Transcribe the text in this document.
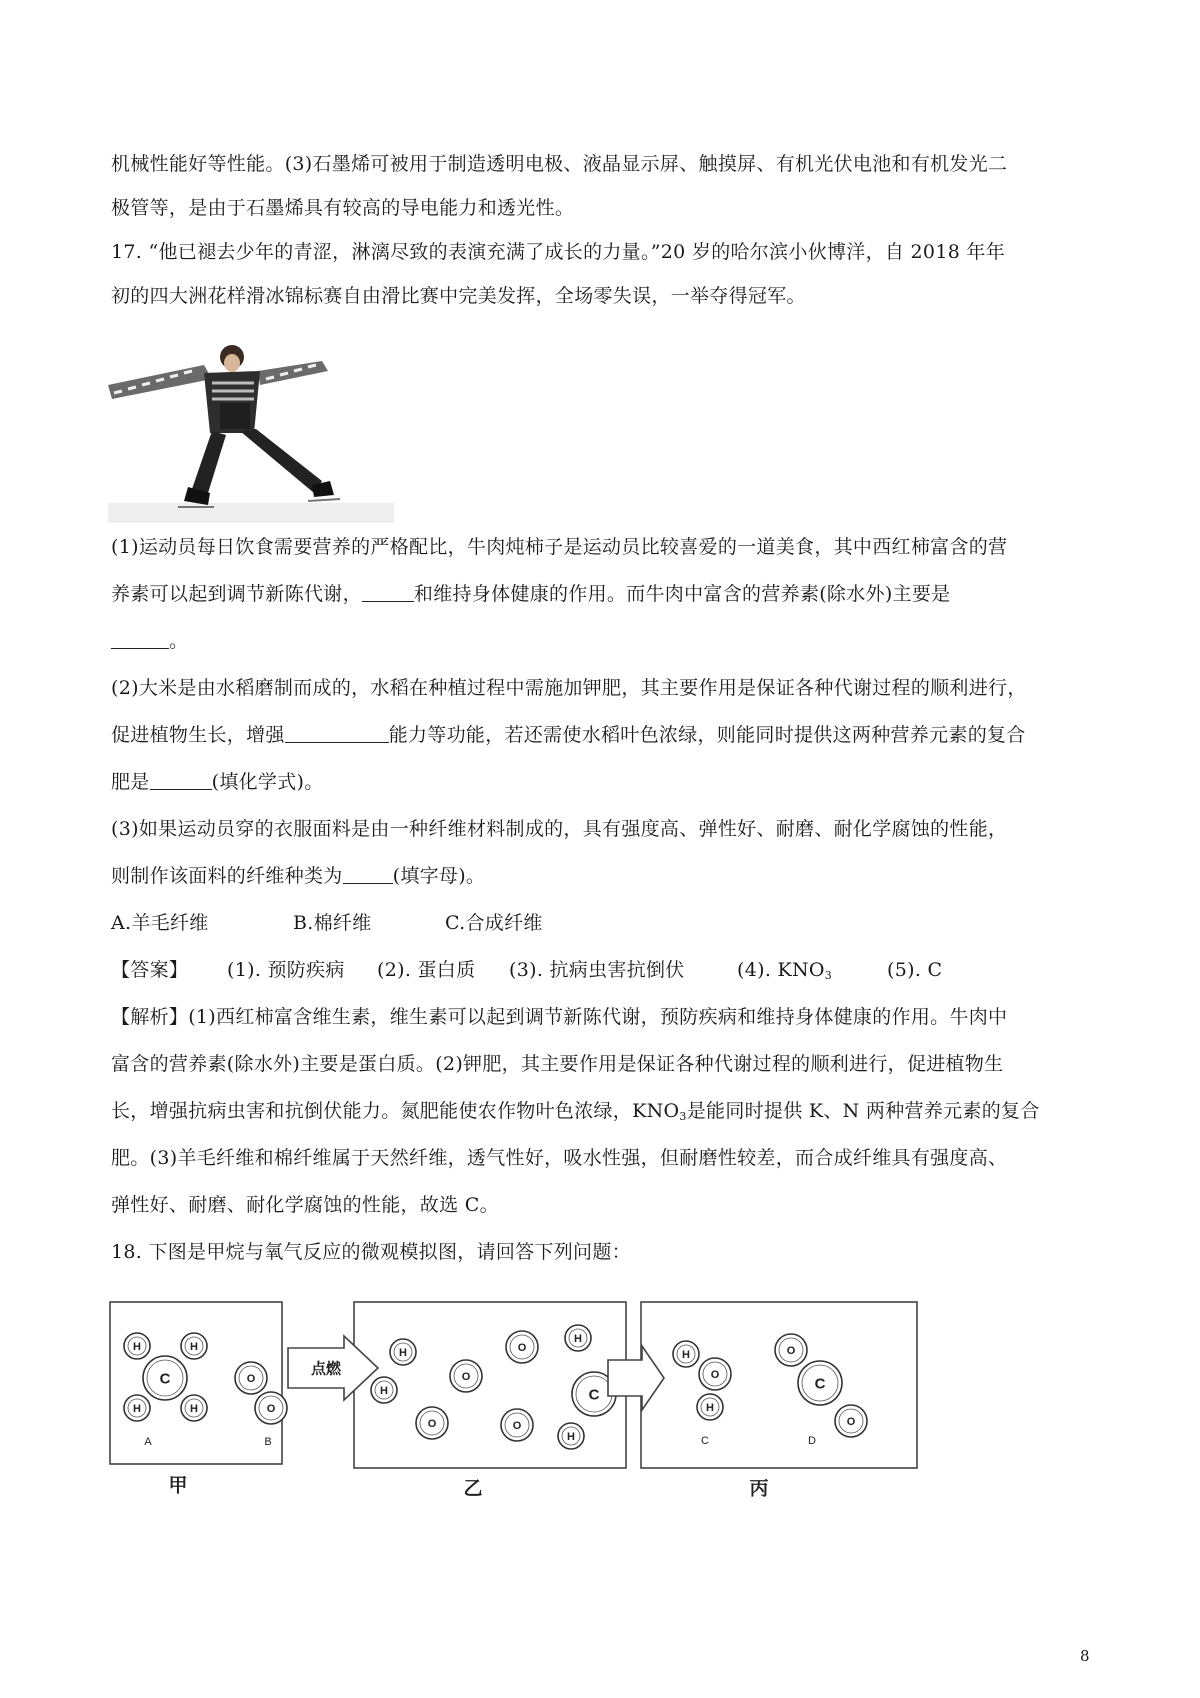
机械性能好等性能。(3)石墨烯可被用于制造透明电极、液晶显示屏、触摸屏、有机光伏电池和有机发光二
极管等，是由于石墨烯具有较高的导电能力和透光性。
17. “他已褪去少年的青涩，淋漓尽致的表演充满了成长的力量。”20 岁的哈尔滨小伙博洋，自 2018 年年
初的四大洲花样滑冰锦标赛自由滑比赛中完美发挥，全场零失误，一举夺得冠军。
(1)运动员每日饮食需要营养的严格配比，牛肉炖柿子是运动员比较喜爱的一道美食，其中西红柿富含的营
养素可以起到调节新陈代谢，	和维持身体健康的作用。而牛肉中富含的营养素(除水外)主要是
。
(2)大米是由水稻磨制而成的，水稻在种植过程中需施加钾肥，其主要作用是保证各种代谢过程的顺利进行，
促进植物生长，增强	能力等功能，若还需使水稻叶色浓绿，则能同时提供这两种营养元素的复合
肥是	(填化学式)。
(3)如果运动员穿的衣服面料是由一种纤维材料制成的，具有强度高、弹性好、耐磨、耐化学腐蚀的性能，
则制作该面料的纤维种类为	(填字母)。
A.羊毛纤维	B.棉纤维	C.合成纤维
【答案】 (1). 预防疾病 (2). 蛋白质 (3). 抗病虫害抗倒伏	(4). $KNO_3$	(5). C
【解析】(1)西红柿富含维生素，维生素可以起到调节新陈代谢，预防疾病和维持身体健康的作用。牛肉中
富含的营养素(除水外)主要是蛋白质。(2)钾肥，其主要作用是保证各种代谢过程的顺利进行，促进植物生
长，增强抗病虫害和抗倒伏能力。氮肥能使农作物叶色浓绿，$KNO_3$是能同时提供 K、N 两种营养元素的复合
肥。(3)羊毛纤维和棉纤维属于天然纤维，透气性好，吸水性强，但耐磨性较差，而合成纤维具有强度高、
弹性好、耐磨、耐化学腐蚀的性能，故选 C。
18. 下图是甲烷与氧气反应的微观模拟图，请回答下列问题：
H	H
H	H
C	O
O
A	B
点燃
H
H
O
O
H
C
O	O
H
H
O
H
O
C
O
C	D
甲	乙	丙
8
